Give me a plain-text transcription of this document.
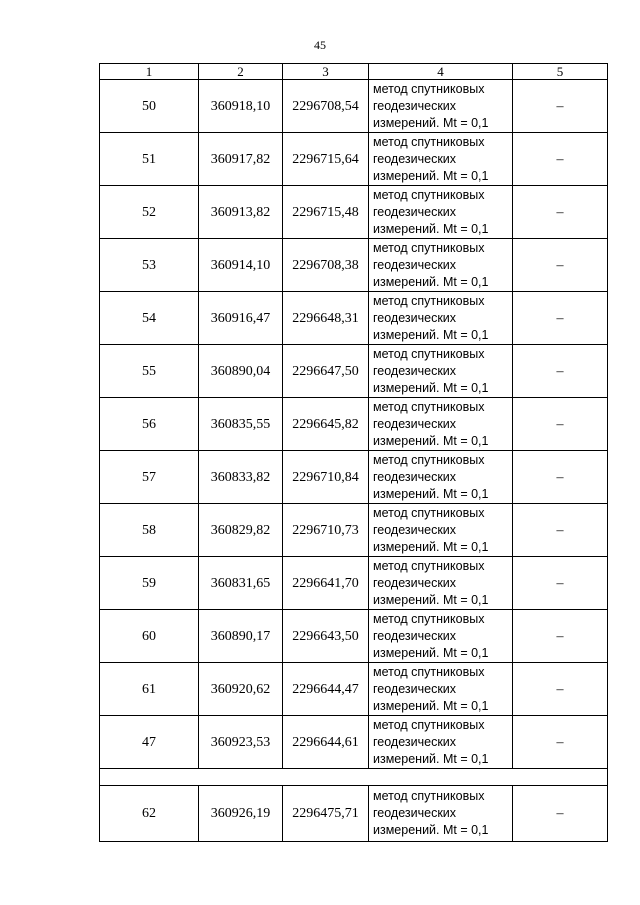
45
1	2	3	4	5
50	360918,10	2296708,54	метод спутниковых
геодезических
измерений. Mt = 0,1	–
51	360917,82	2296715,64	метод спутниковых
геодезических
измерений. Mt = 0,1	–
52	360913,82	2296715,48	метод спутниковых
геодезических
измерений. Mt = 0,1	–
53	360914,10	2296708,38	метод спутниковых
геодезических
измерений. Mt = 0,1	–
54	360916,47	2296648,31	метод спутниковых
геодезических
измерений. Mt = 0,1	–
55	360890,04	2296647,50	метод спутниковых
геодезических
измерений. Mt = 0,1	–
56	360835,55	2296645,82	метод спутниковых
геодезических
измерений. Mt = 0,1	–
57	360833,82	2296710,84	метод спутниковых
геодезических
измерений. Mt = 0,1	–
58	360829,82	2296710,73	метод спутниковых
геодезических
измерений. Mt = 0,1	–
59	360831,65	2296641,70	метод спутниковых
геодезических
измерений. Mt = 0,1	–
60	360890,17	2296643,50	метод спутниковых
геодезических
измерений. Mt = 0,1	–
61	360920,62	2296644,47	метод спутниковых
геодезических
измерений. Mt = 0,1	–
47	360923,53	2296644,61	метод спутниковых
геодезических
измерений. Mt = 0,1	–

62	360926,19	2296475,71	метод спутниковых
геодезических
измерений. Mt = 0,1	–
